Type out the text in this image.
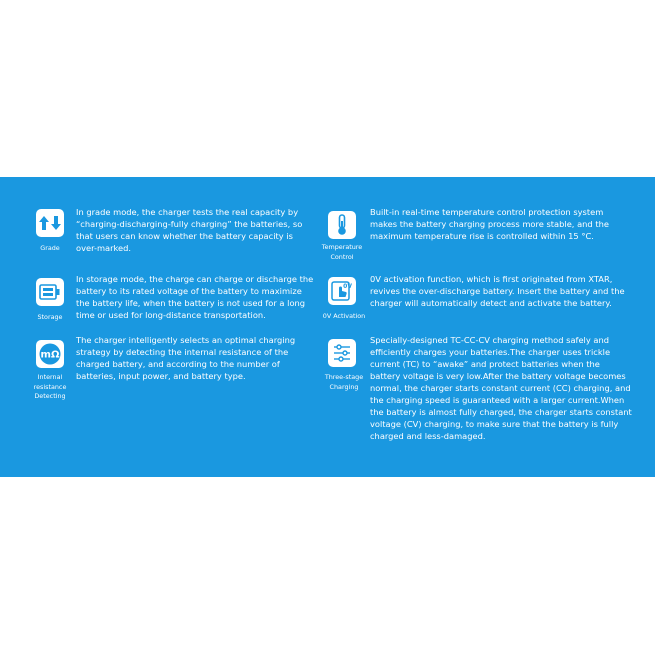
Grade

In grade mode, the charger tests the real capacity by “charging-discharging-fully charging” the batteries, so that users can know whether the battery capacity is over-marked.	Temperature
Control

Built-in real-time temperature control protection system makes the battery charging process more stable, and the maximum temperature rise is controlled within 15 °C.

Storage

In storage mode, the charge can charge or discharge the battery to its rated voltage of the battery to maximize the battery life, when the battery is not used for a long time or used for long-distance transportation.

0V
0V Activation

0V activation function, which is first originated from XTAR, revives the over-discharge battery. Insert the battery and the charger will automatically detect and activate the battery.

mΩ
Internal
resistance
Detecting

The charger intelligently selects an optimal charging strategy by detecting the internal resistance of the charged battery, and according to the number of batteries, input power, and battery type.	Three-stage
Charging

Specially-designed TC-CC-CV charging method safely and efficiently charges your batteries.The charger uses trickle current (TC) to “awake” and protect batteries when the battery voltage is very low.After the battery voltage becomes normal, the charger starts constant current (CC) charging, and the charging speed is guaranteed with a larger current.When the battery is almost fully charged, the charger starts constant voltage (CV) charging, to make sure that the battery is fully charged and less-damaged.
